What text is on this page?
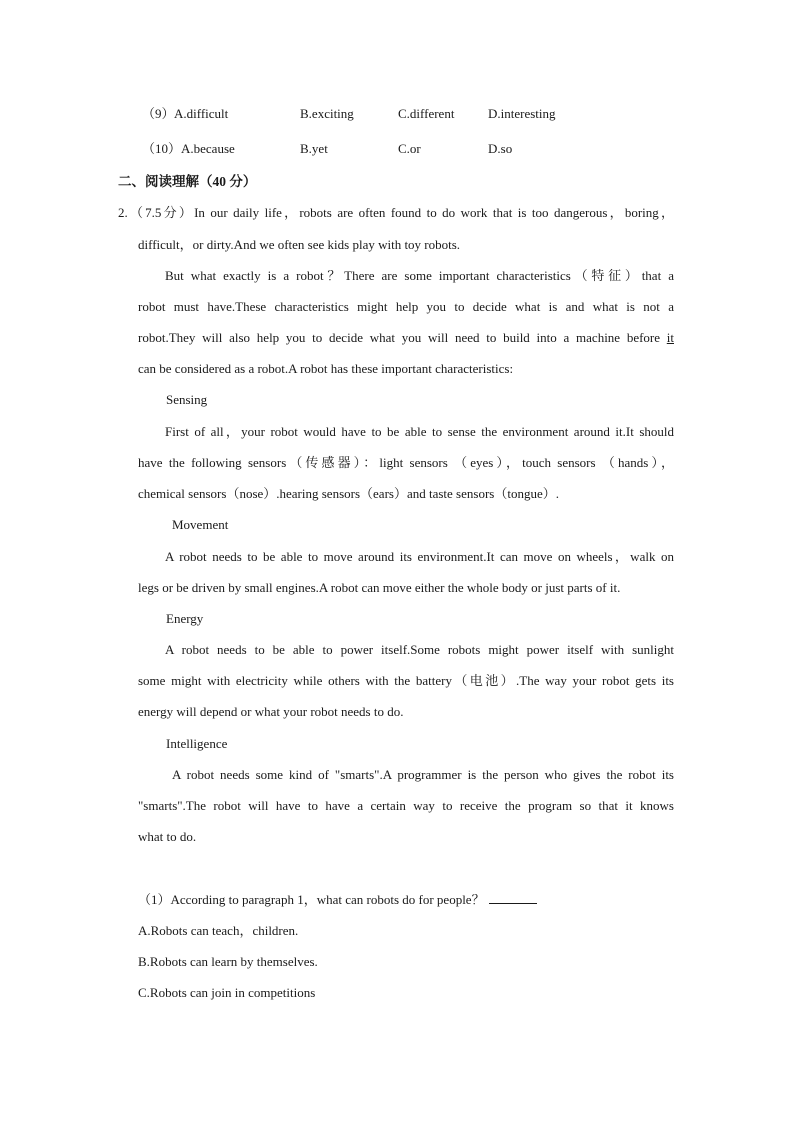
（9） A.difficult	B.exciting	C.different	D.interesting
（10） A.because	B.yet	C.or	D.so
二、阅读理解（40 分）
2.（7.5分）In our daily life，robots are often found to do work that is too dangerous，boring，
difficult，or dirty.And we often see kids play with toy robots.
But what exactly is a robot？There are some important characteristics（特征）that a
robot must have.These characteristics might help you to decide what is and what is not a
robot.They will also help you to decide what you will need to build into a machine before it
can be considered as a robot.A robot has these important characteristics:
Sensing
First of all，your robot would have to be able to sense the environment around it.It should
have the following sensors（传感器）：light sensors （eyes），touch sensors （hands），
chemical sensors（nose）.hearing sensors（ears）and taste sensors（tongue）.
Movement
A robot needs to be able to move around its environment.It can move on wheels，walk on
legs or be driven by small engines.A robot can move either the whole body or just parts of it.
Energy
A robot needs to be able to power itself.Some robots might power itself with sunlight
some might with electricity while others with the battery（电池）.The way your robot gets its
energy will depend or what your robot needs to do.
Intelligence
A robot needs some kind of "smarts".A programmer is the person who gives the robot its
"smarts".The robot will have to have a certain way to receive the program so that it knows
what to do.
（1）According to paragraph 1，what can robots do for people？
A.Robots can teach，children.
B.Robots can learn by themselves.
C.Robots can join in competitions
